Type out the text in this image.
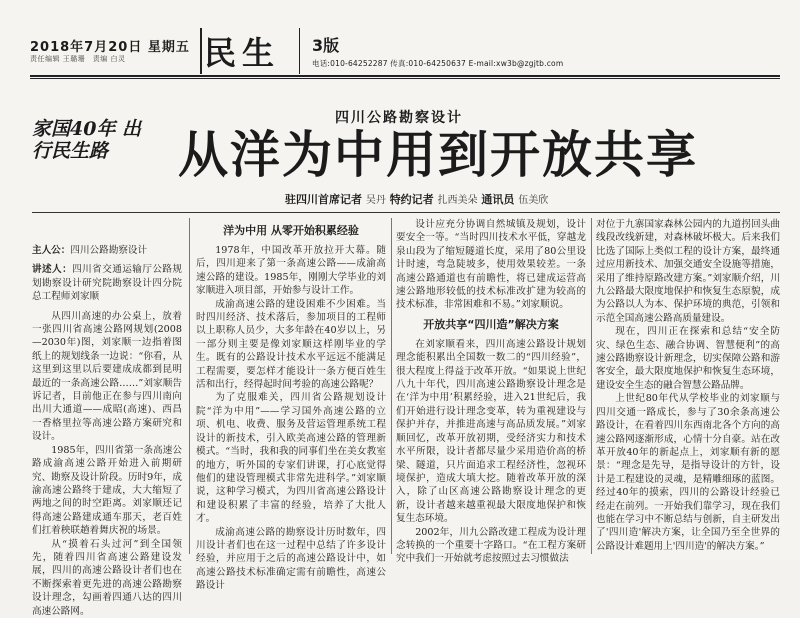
2018年7月20日 星期五
责任编辑 王璐珊　责编 白灵 民生 3版
电话:010-64252287 传真:010-64250637 E-mail:xw3b@zgjtb.com
家国40年 出行民生路
四川公路勘察设计
从洋为中用到开放共享
驻四川首席记者 吴丹 特约记者 扎西美朵 通讯员 伍美欣
主人公：四川公路勘察设计
讲述人：四川省交通运输厅公路规划勘察设计研究院勘察设计四分院总工程师刘家顺

从四川高速的办公桌上，放着一张四川省高速公路网规划(2008—2030年)图，刘家顺一边指着图纸上的规划线条一边说：“你看，从这里到这里以后要建成成都到昆明最近的一条高速公路……”刘家顺告诉记者，目前他正在参与四川南向出川大通道——成昭(高速)、西昌一香格里拉等高速公路方案研究和设计。

1985年，四川省第一条高速公路成渝高速公路开始进入前期研究、勘察及设计阶段。历时9年，成渝高速公路终于建成，大大缩短了两地之间的时空距离。刘家顺还记得高速公路建成通车那天，老百姓们扛着秧联趟着舞庆祝的场景。

从“摸着石头过河”到全国领先，随着四川省高速公路建设发展，四川的高速公路设计者们也在不断探索着更先进的高速公路勘察设计理念，勾画着四通八达的四川高速公路网。

洋为中用 从零开始积累经验

1978年，中国改革开放拉开大幕。随后，四川迎来了第一条高速公路——成渝高速公路的建设。1985年，刚刚大学毕业的刘家顺进入项目部，开始参与设计工作。

成渝高速公路的建设困难不少困难。当时四川经济、技术落后，参加项目的工程师以上职称人员少，大多年龄在40岁以上，另一部分则主要是像刘家顺这样刚毕业的学生。既有的公路设计技术水平远远不能满足工程需要，要怎样才能设计一条方便百姓生活和出行，经得起时间考验的高速公路呢？

为了克服难关，四川省公路规划设计院“洋为中用”——学习国外高速公路的立项、机电、收费、服务及营运管理系统工程设计的新技术，引入欧美高速公路的管理新模式。“当时，我和我的同事们坐在美女教室的地方，听外国的专家们讲课，打心底觉得他们的建设管理模式非常先进科学。”刘家顺说，这种学习模式，为四川省高速公路设计和建设积累了丰富的经验，培养了大批人才。

成渝高速公路的勘察设计历时数年，四川设计者们也在这一过程中总结了许多设计经验，并应用于之后的高速公路设计中，如高速公路技术标准确定需有前瞻性，高速公路设计

设计应充分协调自然城镇及规划，设计要安全一等。“当时四川技术水平低，穿越龙泉山段为了缩短隧道长度，采用了80公里设计时速，弯急陡坡多，使用效果较差。一条高速公路通道也有前瞻性，将已建成运营高速公路地形较低的技术标准改扩建为较高的技术标准，非常困难和不易。”刘家顺说。

开放共享“四川造”解决方案

在刘家顺看来，四川高速公路设计规划理念能积累出全国数一数二的“四川经验”，很大程度上得益于改革开放。“如果说上世纪八九十年代，四川高速公路勘察设计理念是在‘洋为中用’积累经验，进入21世纪后，我们开始进行设计理念变革，转为重视建设与保护并存，并推进高速与高品质发展。”刘家顺回忆，改革开放初期，受经济实力和技术水平所限，设计者都尽量少采用造价高的桥梁、隧道，只片面追求工程经济性，忽视环境保护，造成大填大挖。随着改革开放的深入，除了山区高速公路勘察设计理念的更新，设计者越来越重视最大限度地保护和恢复生态环境。

2002年，川九公路改建工程成为设计理念转换的一个重要十字路口。“在工程方案研究中我们一开始就考虑按照过去习惯做法

对位于九寨国家森林公园内的九道拐回头曲线段改线新建，对森林破坏极大。后来我们比选了国际上类似工程的设计方案，最终通过应用新技术、加强交通安全设施等措施，采用了维持原路改建方案。”刘家顺介绍，川九公路最大限度地保护和恢复生态原貌，成为公路以人为本、保护环境的典范，引领和示范全国高速公路高质量建设。

现在，四川正在探索和总结“安全防灾、绿色生态、融合协调、智慧便利”的高速公路勘察设计新理念，切实保障公路和游客安全，最大限度地保护和恢复生态环境，建设安全生态的融合智慧公路品牌。

上世纪80年代从学校毕业的刘家顺与四川交通一路成长，参与了30余条高速公路设计，在看着四川东西南北各个方向的高速公路网逐渐形成，心情十分自豪。站在改革开放40年的新起点上，刘家顺有新的愿景：“理念是先导，是指导设计的方针，设计是工程建设的灵魂，是精雕细琢的蓝图。经过40年的摸索，四川的公路设计经验已经走在前列。一开始我们靠学习，现在我们也能在学习中不断总结与创新，自主研发出了'四川造'解决方案，让全国乃至全世界的公路设计难题用上'四川造'的解决方案。”
